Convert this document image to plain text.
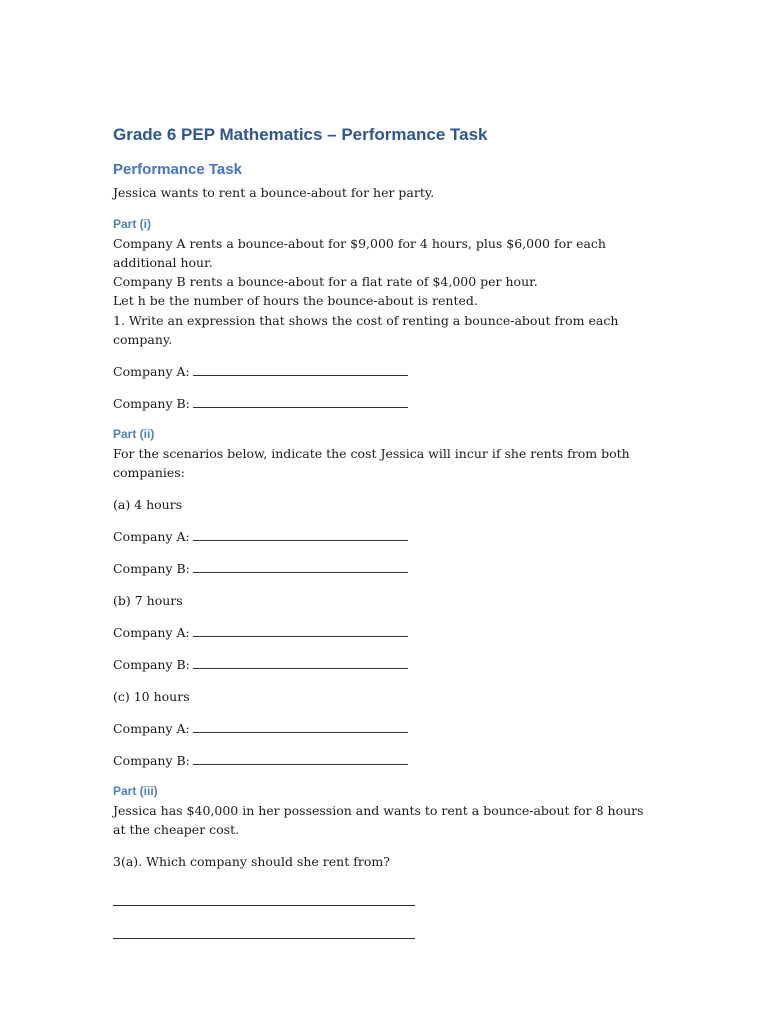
Grade 6 PEP Mathematics – Performance Task
Performance Task

Jessica wants to rent a bounce-about for her party.

Part (i)

Company A rents a bounce-about for $9,000 for 4 hours, plus $6,000 for each additional hour.

Company B rents a bounce-about for a flat rate of $4,000 per hour.

Let h be the number of hours the bounce-about is rented.

1. Write an expression that shows the cost of renting a bounce-about from each company.

Company A:
Company B:
Part (ii)

For the scenarios below, indicate the cost Jessica will incur if she rents from both companies:

(a) 4 hours

Company A:
Company B:

(b) 7 hours

Company A:
Company B:

(c) 10 hours

Company A:
Company B:
Part (iii)

Jessica has $40,000 in her possession and wants to rent a bounce-about for 8 hours at the cheaper cost.

3(a). Which company should she rent from?
